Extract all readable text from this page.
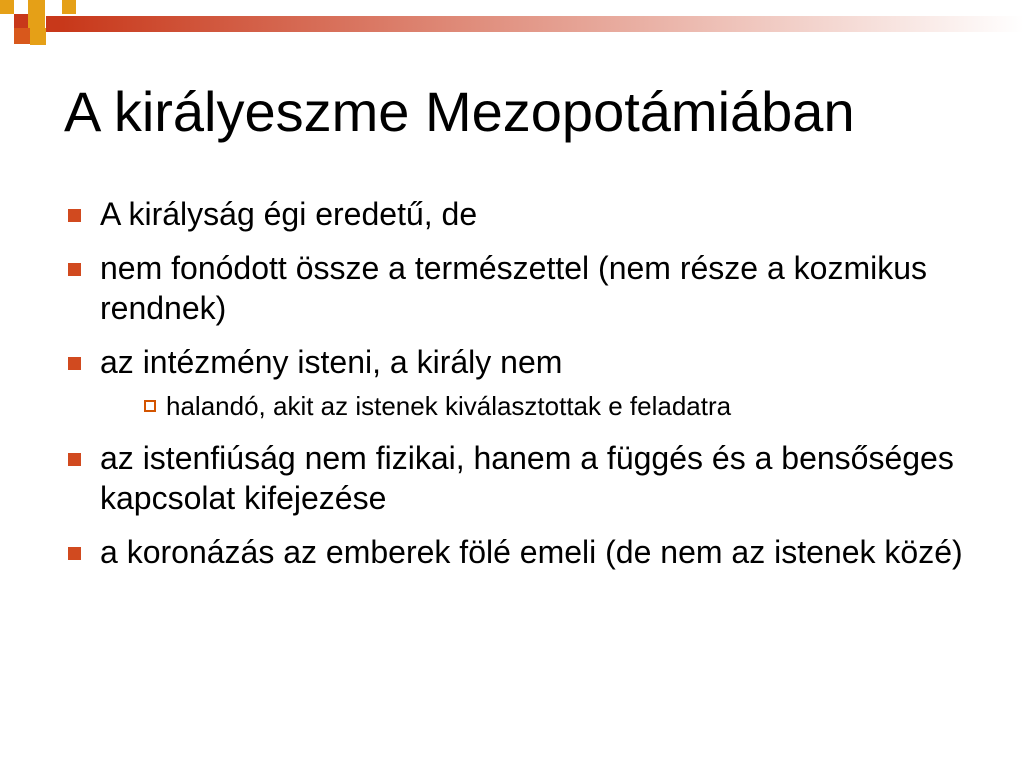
A királyeszme Mezopotámiában
A királyság égi eredetű, de
nem fonódott össze a természettel (nem része a kozmikus rendnek)
az intézmény isteni, a király nem
halandó, akit az istenek kiválasztottak e feladatra
az istenfiúság nem fizikai, hanem a függés és a bensőséges kapcsolat kifejezése
a koronázás az emberek fölé emeli (de nem az istenek közé)
